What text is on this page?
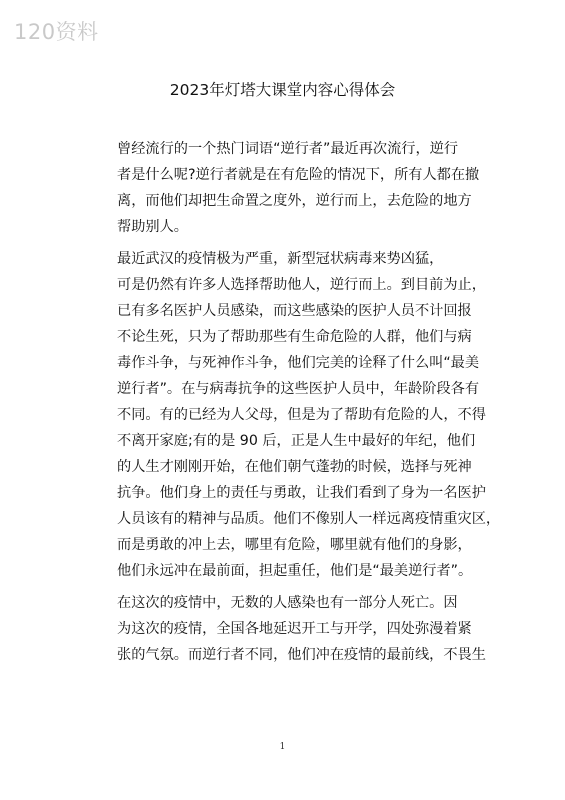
120资料
2023年灯塔大课堂内容心得体会

曾经流行的一个热门词语“逆行者”最近再次流行，逆行
者是什么呢?逆行者就是在有危险的情况下，所有人都在撤
离，而他们却把生命置之度外，逆行而上，去危险的地方
帮助别人。

最近武汉的疫情极为严重，新型冠状病毒来势凶猛，
可是仍然有许多人选择帮助他人，逆行而上。到目前为止，
已有多名医护人员感染，而这些感染的医护人员不计回报
不论生死，只为了帮助那些有生命危险的人群，他们与病
毒作斗争，与死神作斗争，他们完美的诠释了什么叫“最美
逆行者”。在与病毒抗争的这些医护人员中，年龄阶段各有
不同。有的已经为人父母，但是为了帮助有危险的人，不得
不离开家庭;有的是 90 后，正是人生中最好的年纪，他们
的人生才刚刚开始，在他们朝气蓬勃的时候，选择与死神
抗争。他们身上的责任与勇敢，让我们看到了身为一名医护
人员该有的精神与品质。他们不像别人一样远离疫情重灾区，
而是勇敢的冲上去，哪里有危险，哪里就有他们的身影，
他们永远冲在最前面，担起重任，他们是“最美逆行者”。

在这次的疫情中，无数的人感染也有一部分人死亡。因
为这次的疫情，全国各地延迟开工与开学，四处弥漫着紧
张的气氛。而逆行者不同，他们冲在疫情的最前线，不畏生

1
